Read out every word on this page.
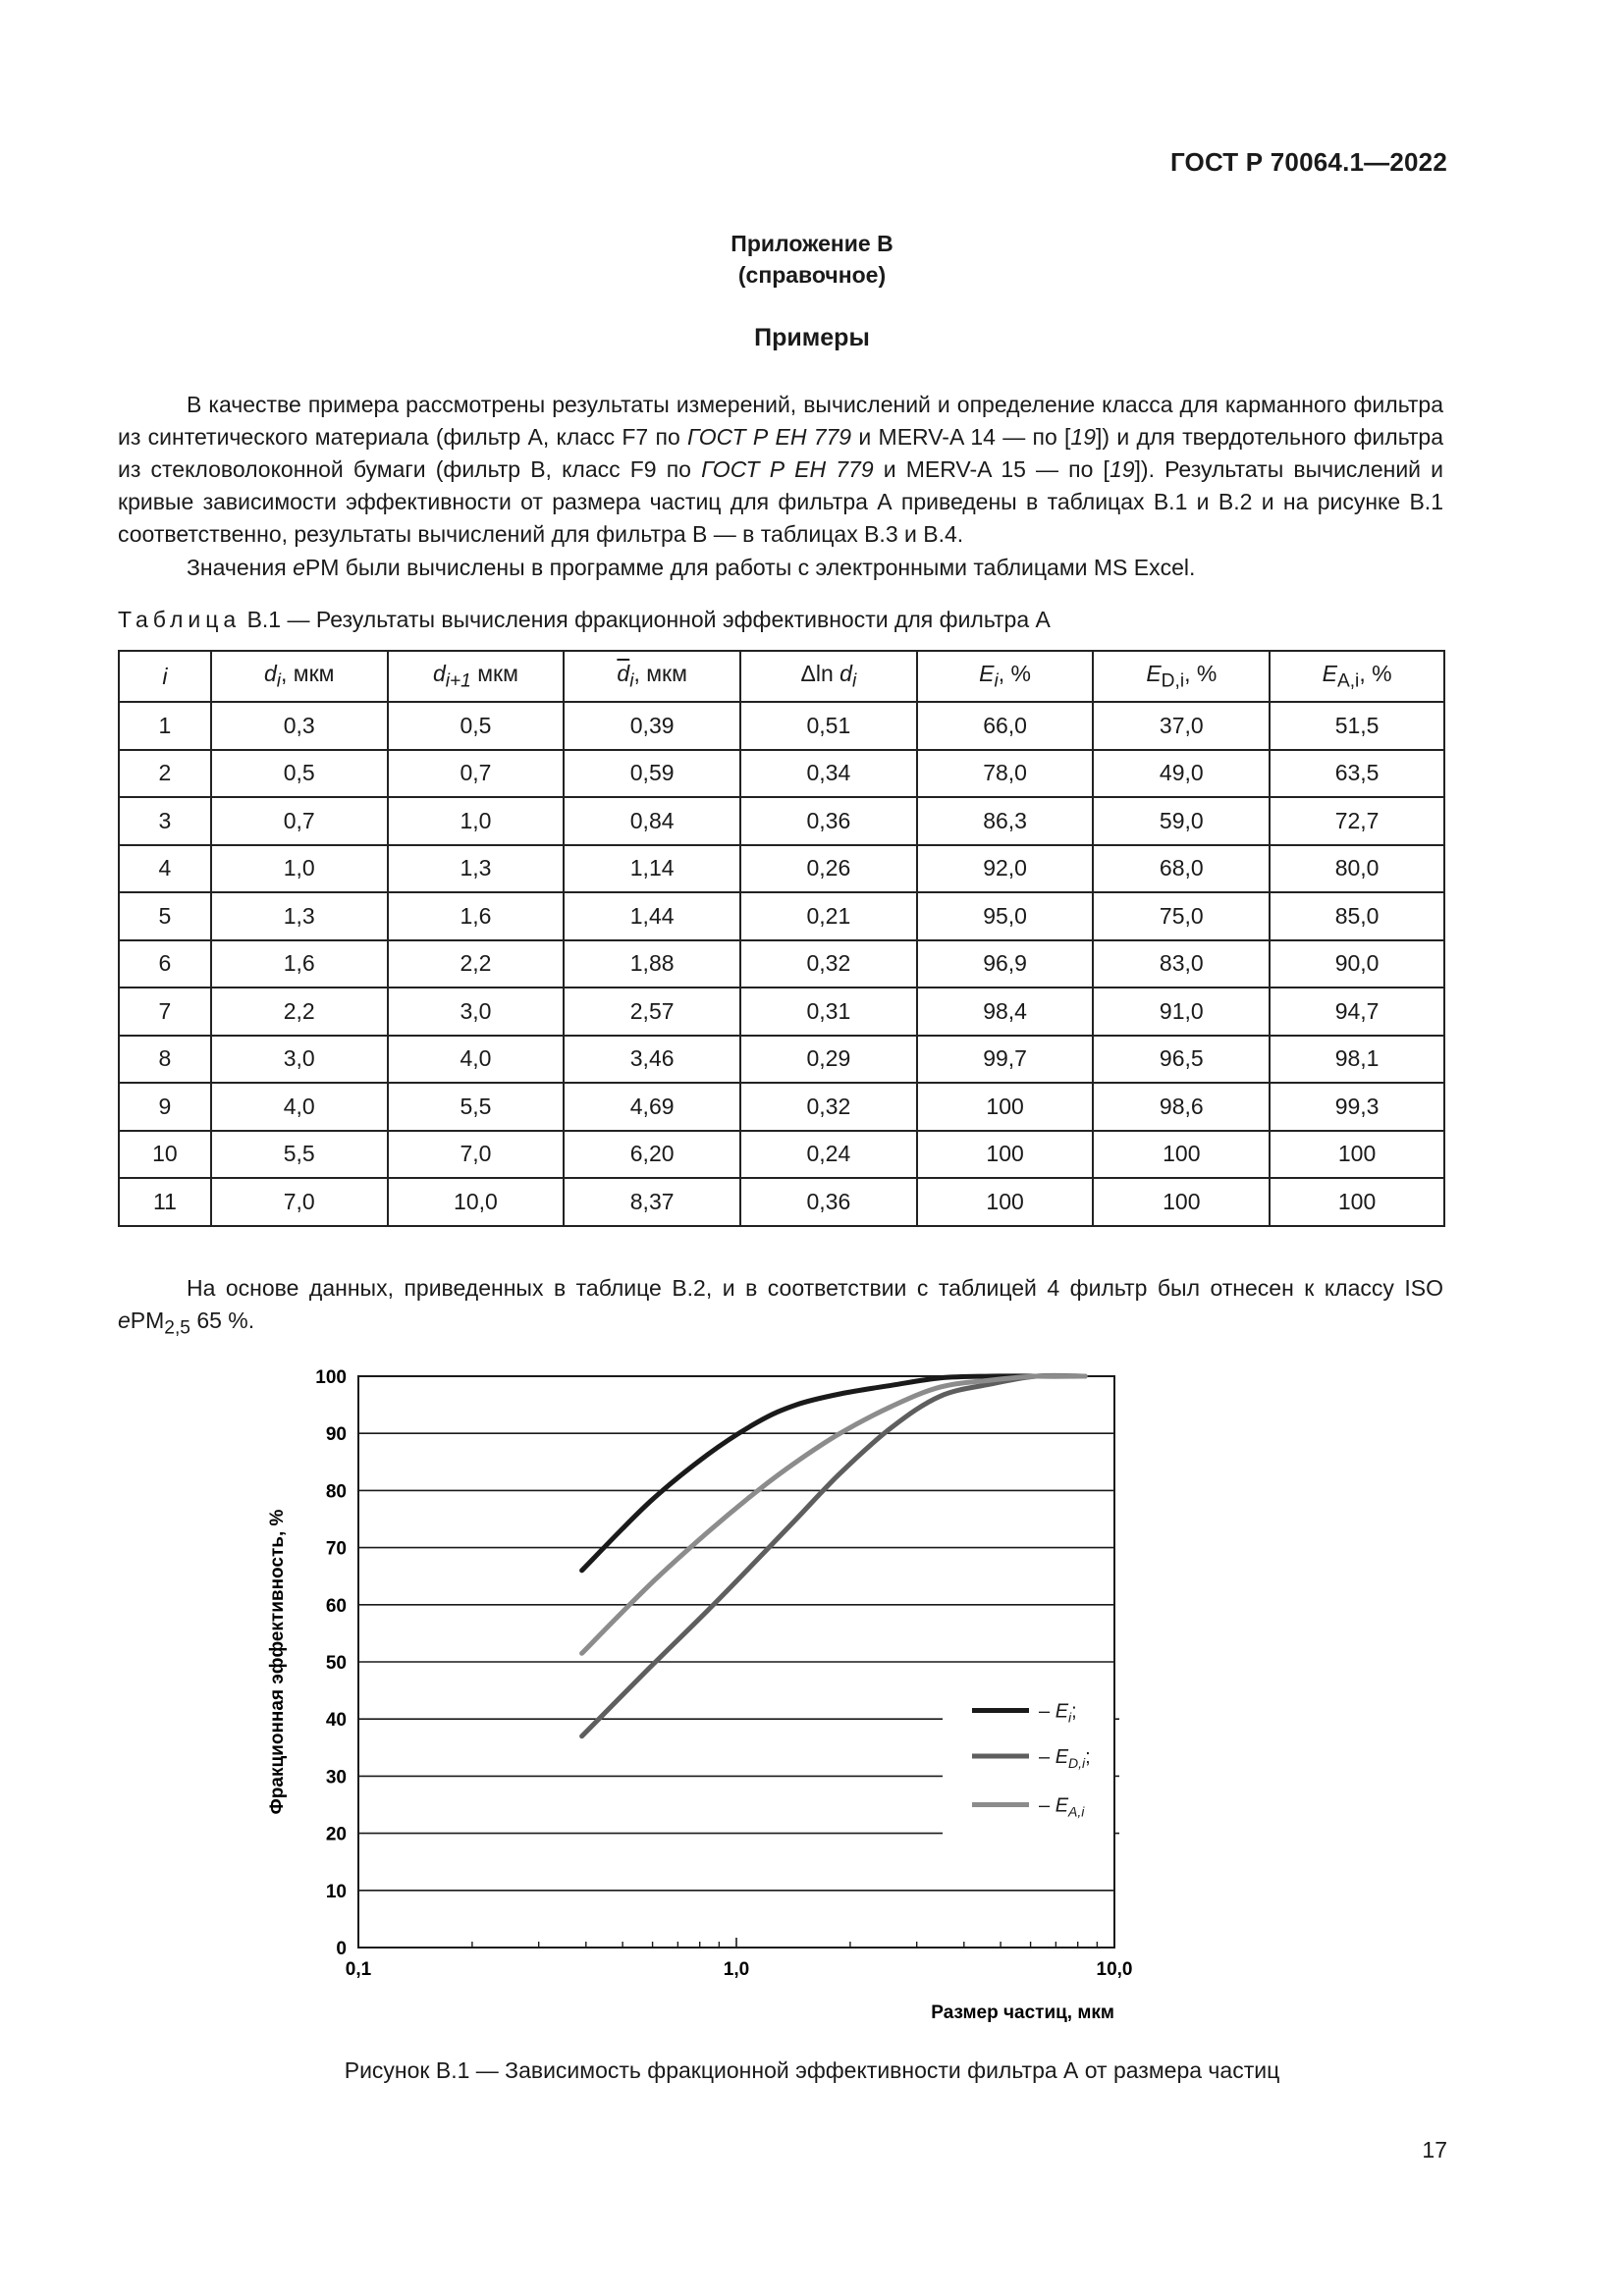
ГОСТ Р 70064.1—2022
Приложение В
(справочное)
Примеры

В качестве примера рассмотрены результаты измерений, вычислений и определение класса для карманного фильтра из синтетического материала (фильтр А, класс F7 по ГОСТ Р ЕН 779 и MERV-A 14 — по [19]) и для твердотельного фильтра из стекловолоконной бумаги (фильтр В, класс F9 по ГОСТ Р ЕН 779 и MERV-A 15 — по [19]). Результаты вычислений и кривые зависимости эффективности от размера частиц для фильтра А приведены в таблицах В.1 и В.2 и на рисунке В.1 соответственно, результаты вычислений для фильтра В — в таблицах В.3 и В.4.

Значения ePM были вычислены в программе для работы с электронными таблицами MS Excel.

Таблица В.1 — Результаты вычисления фракционной эффективности для фильтра А
i	$d_i$, мкм	$d_{i+1}$ мкм	$\overline{d}_i$, мкм	Δln $d_i$	$E_i$, %	$E_{D,i}$, %	$E_{A,i}$, %
1	0,3	0,5	0,39	0,51	66,0	37,0	51,5
2	0,5	0,7	0,59	0,34	78,0	49,0	63,5
3	0,7	1,0	0,84	0,36	86,3	59,0	72,7
4	1,0	1,3	1,14	0,26	92,0	68,0	80,0
5	1,3	1,6	1,44	0,21	95,0	75,0	85,0
6	1,6	2,2	1,88	0,32	96,9	83,0	90,0
7	2,2	3,0	2,57	0,31	98,4	91,0	94,7
8	3,0	4,0	3,46	0,29	99,7	96,5	98,1
9	4,0	5,5	4,69	0,32	100	98,6	99,3
10	5,5	7,0	6,20	0,24	100	100	100
11	7,0	10,0	8,37	0,36	100	100	100

На основе данных, приведенных в таблице В.2, и в соответствии с таблицей 4 фильтр был отнесен к классу ISO ePM$_{2,5}$ 65 %.

0
10
20
30
40
50
60
70
80
90
100
0,1	1,0	10,0
Размер частиц, мкм
Фракционная эффективность, %	– $E_i$;
– $E_{D,i}$;
– $E_{A,i}$
Рисунок В.1 — Зависимость фракционной эффективности фильтра А от размера частиц
17
